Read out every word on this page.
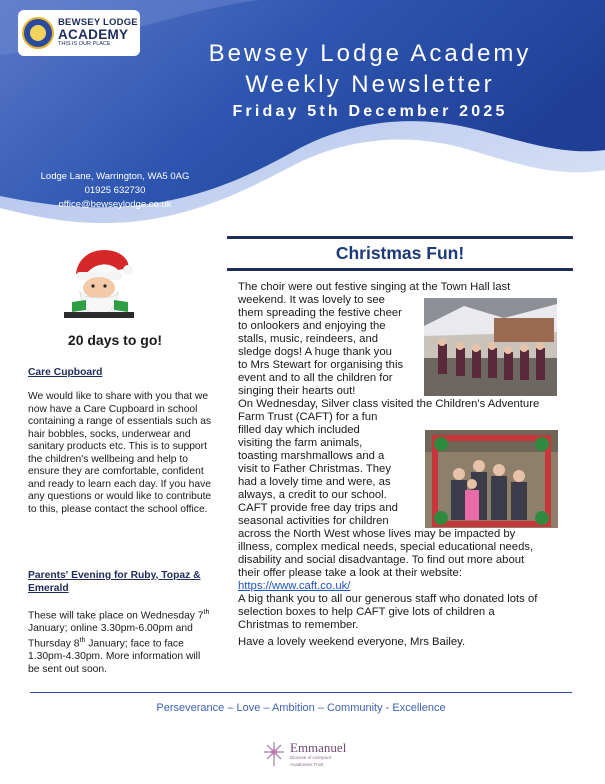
BEWSEY LODGE
ACADEMY
THIS IS OUR PLACE	Bewsey Lodge Academy
Weekly Newsletter
Friday 5th December 2025
Lodge Lane, Warrington, WA5 0AG
01925 632730
office@bewseylodge.co.uk
20 days to go!
Care Cupboard
We would like to share with you that we now have a Care Cupboard in school containing a range of essentials such as hair bobbles, socks, underwear and sanitary products etc. This is to support the children's wellbeing and help to ensure they are comfortable, confident and ready to learn each day. If you have any questions or would like to contribute to this, please contact the school office.
Parents' Evening for Ruby, Topaz & Emerald
These will take place on Wednesday 7th January; online 3.30pm-6.00pm and Thursday 8th January; face to face 1.30pm-4.30pm. More information will be sent out soon.
Christmas Fun!
The choir were out festive singing at the Town Hall last
weekend. It was lovely to see
them spreading the festive cheer
to onlookers and enjoying the
stalls, music, reindeers, and
sledge dogs! A huge thank you
to Mrs Stewart for organising this
event and to all the children for
singing their hearts out!
On Wednesday, Silver class visited the Children's Adventure
Farm Trust (CAFT) for a fun
filled day which included
visiting the farm animals,
toasting marshmallows and a
visit to Father Christmas. They
had a lovely time and were, as
always, a credit to our school.
CAFT provide free day trips and
seasonal activities for children
across the North West whose lives may be impacted by
illness, complex medical needs, special educational needs,
disability and social disadvantage. To find out more about
their offer please take a look at their website:
https://www.caft.co.uk/
A big thank you to all our generous staff who donated lots of
selection boxes to help CAFT give lots of children a
Christmas to remember.
Have a lovely weekend everyone, Mrs Bailey.
Perseverance – Love – Ambition – Community - Excellence
Emmanuel
Diocese of Liverpool
Academies Trust
